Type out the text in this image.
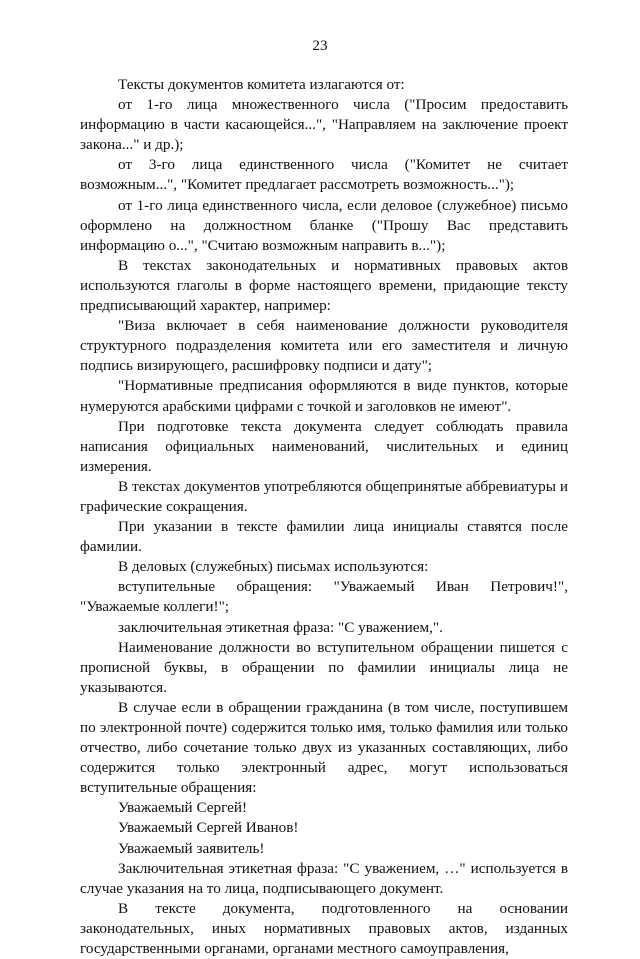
23

Тексты документов комитета излагаются от:

от 1-го лица множественного числа ("Просим предоставить информацию в части касающейся...", "Направляем на заключение проект закона..." и др.);

от 3-го лица единственного числа ("Комитет не считает возможным...", "Комитет предлагает рассмотреть возможность...");

от 1-го лица единственного числа, если деловое (служебное) письмо оформлено на должностном бланке ("Прошу Вас представить информацию о...", "Считаю возможным направить в...");

В текстах законодательных и нормативных правовых актов используются глаголы в форме настоящего времени, придающие тексту предписывающий характер, например:

"Виза включает в себя наименование должности руководителя структурного подразделения комитета или его заместителя и личную подпись визирующего, расшифровку подписи и дату";

"Нормативные предписания оформляются в виде пунктов, которые нумеруются арабскими цифрами с точкой и заголовков не имеют".

При подготовке текста документа следует соблюдать правила написания официальных наименований, числительных и единиц измерения.

В текстах документов употребляются общепринятые аббревиатуры и графические сокращения.

При указании в тексте фамилии лица инициалы ставятся после фамилии.

В деловых (служебных) письмах используются:

вступительные обращения: "Уважаемый Иван Петрович!", "Уважаемые коллеги!";

заключительная этикетная фраза: "С уважением,".

Наименование должности во вступительном обращении пишется с прописной буквы, в обращении по фамилии инициалы лица не указываются.

В случае если в обращении гражданина (в том числе, поступившем по электронной почте) содержится только имя, только фамилия или только отчество, либо сочетание только двух из указанных составляющих, либо содержится только электронный адрес, могут использоваться вступительные обращения:

Уважаемый Сергей!

Уважаемый Сергей Иванов!

Уважаемый заявитель!

Заключительная этикетная фраза: "С уважением, …" используется в случае указания на то лица, подписывающего документ.

В тексте документа, подготовленного на основании законодательных, иных нормативных правовых актов, изданных государственными органами, органами местного самоуправления,
